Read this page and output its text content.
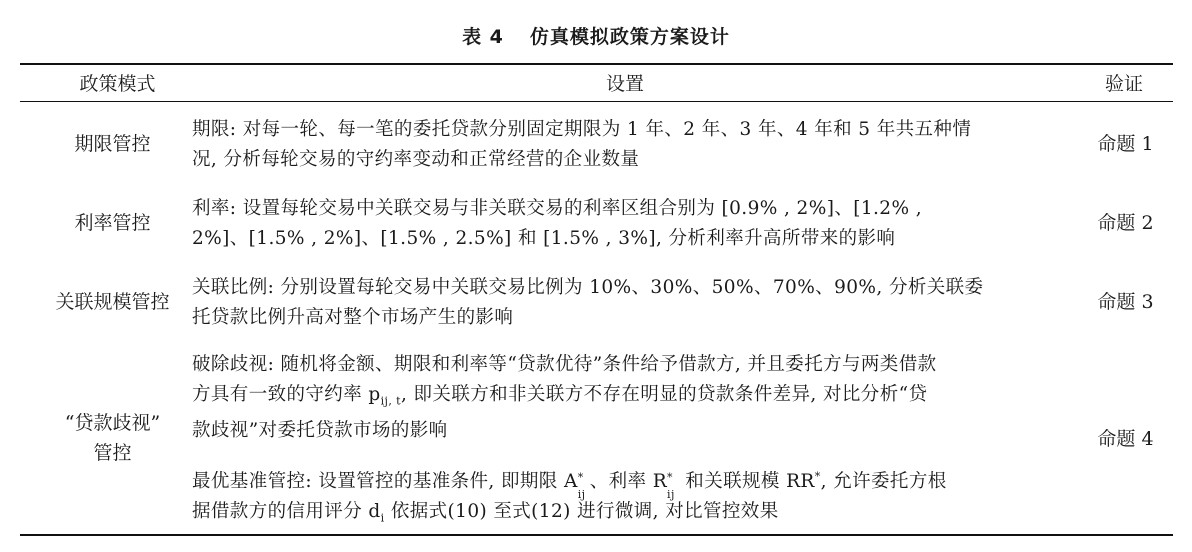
表 4 仿真模拟政策方案设计
政策模式	设置	验证
期限管控
期限: 对每一轮、每一笔的委托贷款分别固定期限为 1 年、2 年、3 年、4 年和 5 年共五种情
况, 分析每轮交易的守约率变动和正常经营的企业数量
命题 1
利率管控
利率: 设置每轮交易中关联交易与非关联交易的利率区组合别为 [0.9% , 2%]、[1.2% ,
2%]、[1.5% , 2%]、[1.5% , 2.5%] 和 [1.5% , 3%], 分析利率升高所带来的影响
命题 2
关联规模管控
关联比例: 分别设置每轮交易中关联交易比例为 10%、30%、50%、70%、90%, 分析关联委
托贷款比例升高对整个市场产生的影响
命题 3
“贷款歧视”
管控
破除歧视: 随机将金额、期限和利率等“贷款优待”条件给予借款方, 并且委托方与两类借款
方具有一致的守约率 $p_{ij, t}$, 即关联方和非关联方不存在明显的贷款条件差异, 对比分析“贷
款歧视”对委托贷款市场的影响
最优基准管控: 设置管控的基准条件, 即期限 A *
ij
、利率 R *
ij
和关联规模 RR*, 允许委托方根
据借款方的信用评分 $d_i$ 依据式(10) 至式(12) 进行微调, 对比管控效果
命题 4
